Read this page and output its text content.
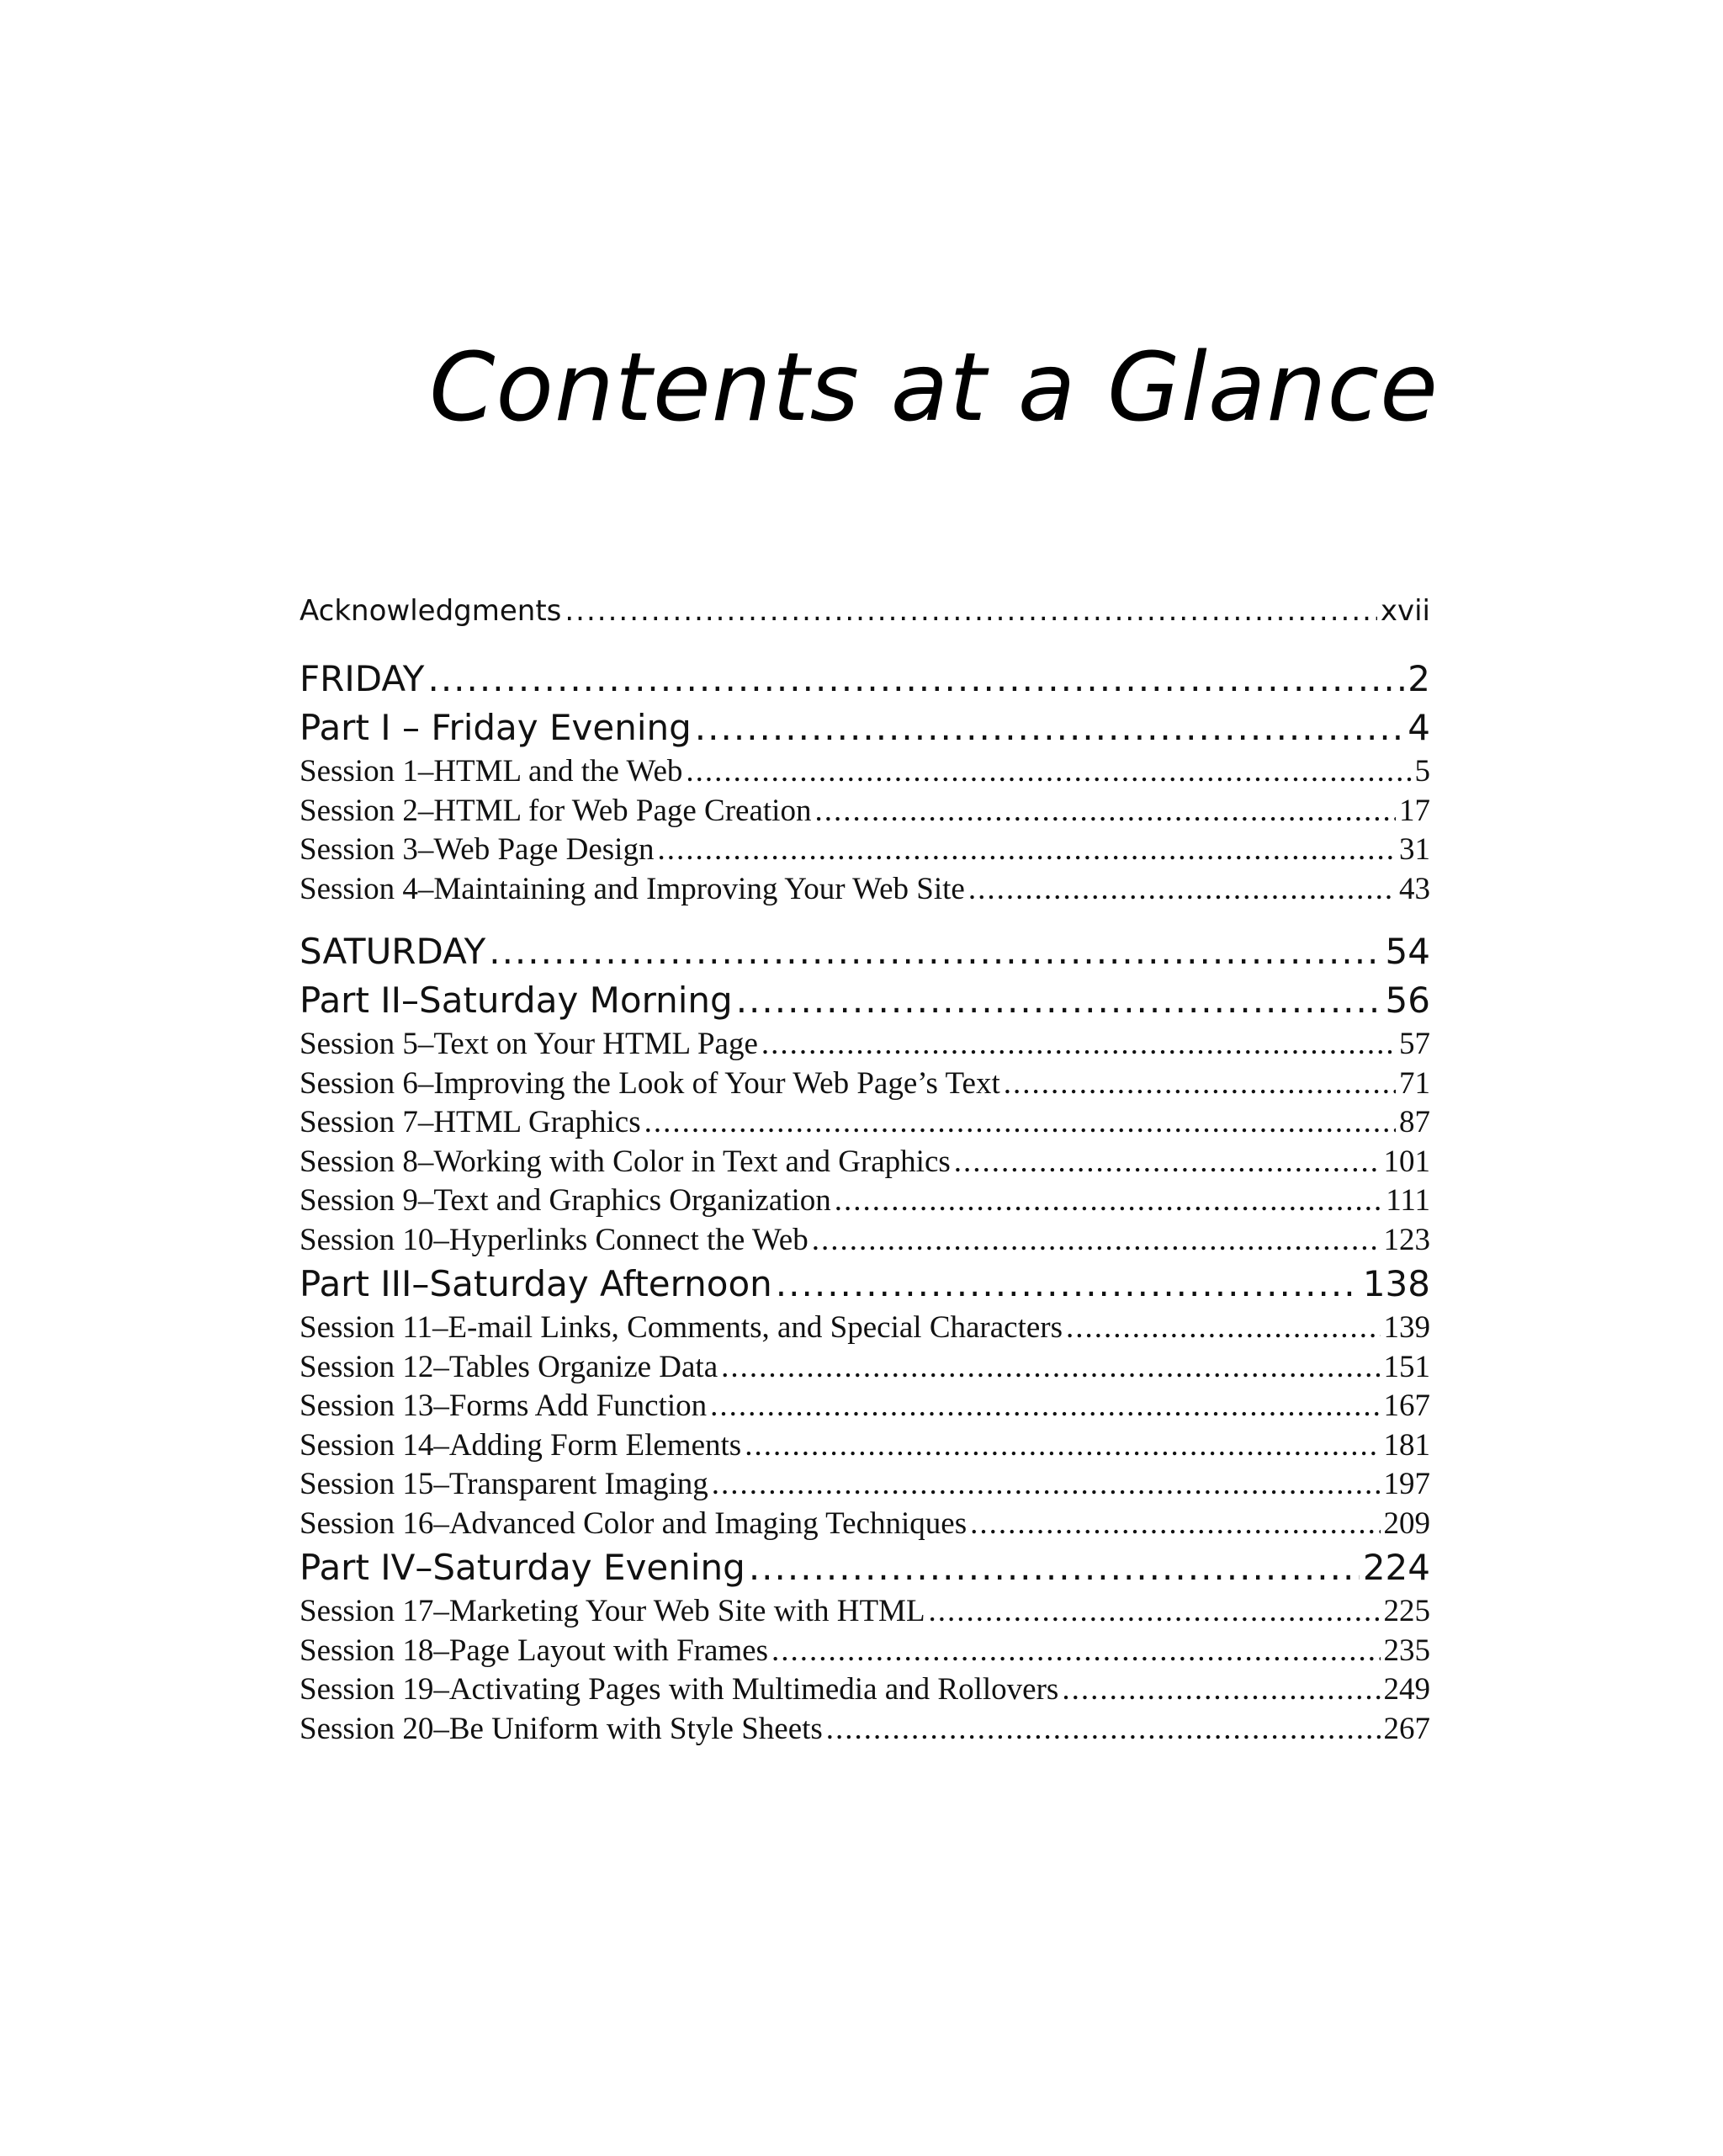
Contents at a Glance
Acknowledgments .....	xvii
FRIDAY .....	2
Part I – Friday Evening .....	4
Session 1–HTML and the Web .....	5
Session 2–HTML for Web Page Creation .....	17
Session 3–Web Page Design .....	31
Session 4–Maintaining and Improving Your Web Site .....	43
SATURDAY .....	54
Part II–Saturday Morning .....	56
Session 5–Text on Your HTML Page .....	57
Session 6–Improving the Look of Your Web Page’s Text .....	71
Session 7–HTML Graphics .....	87
Session 8–Working with Color in Text and Graphics .....	101
Session 9–Text and Graphics Organization .....	111
Session 10–Hyperlinks Connect the Web .....	123
Part III–Saturday Afternoon .....	138
Session 11–E-mail Links, Comments, and Special Characters .....	139
Session 12–Tables Organize Data .....	151
Session 13–Forms Add Function .....	167
Session 14–Adding Form Elements .....	181
Session 15–Transparent Imaging .....	197
Session 16–Advanced Color and Imaging Techniques .....	209
Part IV–Saturday Evening .....	224
Session 17–Marketing Your Web Site with HTML .....	225
Session 18–Page Layout with Frames .....	235
Session 19–Activating Pages with Multimedia and Rollovers .....	249
Session 20–Be Uniform with Style Sheets .....	267
